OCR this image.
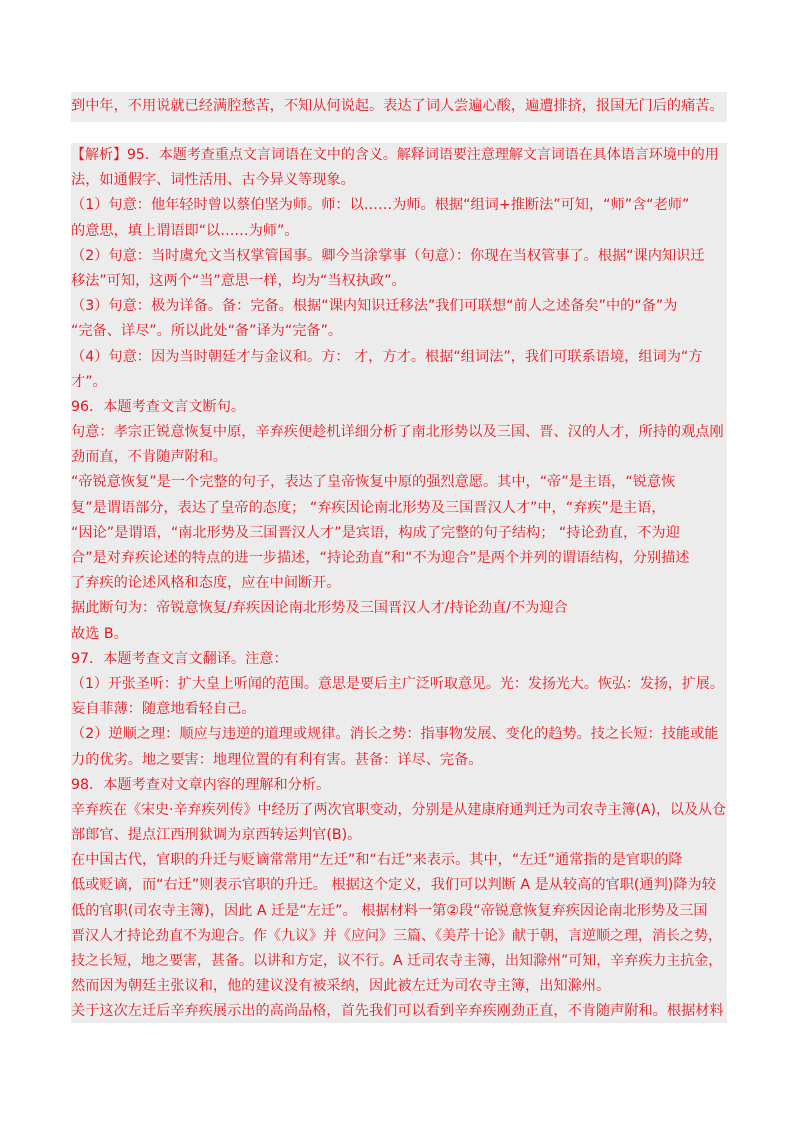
到中年，不用说就已经满腔愁苦，不知从何说起。表达了词人尝遍心酸，遍遭排挤，报国无门后的痛苦。
【解析】95．本题考查重点文言词语在文中的含义。解释词语要注意理解文言词语在具体语言环境中的用
法，如通假字、词性活用、古今异义等现象。
（1）句意：他年轻时曾以蔡伯坚为师。师：以……为师。根据“组词+推断法”可知，“师”含“老师”
的意思，填上谓语即“以……为师”。
（2）句意：当时虞允文当权掌管国事。卿今当涂掌事（句意）：你现在当权管事了。根据“课内知识迁
移法”可知，这两个“当”意思一样，均为“当权执政”。
（3）句意：极为详备。备：完备。根据“课内知识迁移法”我们可联想“前人之述备矣”中的“备”为
“完备、详尽”。所以此处“备”译为“完备”。
（4）句意：因为当时朝廷才与金议和。方： 才，方才。根据“组词法”，我们可联系语境，组词为“方
才”。
96．本题考查文言文断句。
句意：孝宗正锐意恢复中原，辛弃疾便趁机详细分析了南北形势以及三国、晋、汉的人才，所持的观点刚
劲而直，不肯随声附和。
“帝锐意恢复”是一个完整的句子，表达了皇帝恢复中原的强烈意愿。其中，“帝”是主语，“锐意恢
复”是谓语部分，表达了皇帝的态度； “弃疾因论南北形势及三国晋汉人才”中，“弃疾”是主语，
“因论”是谓语，“南北形势及三国晋汉人才”是宾语，构成了完整的句子结构； “持论劲直，不为迎
合”是对弃疾论述的特点的进一步描述，“持论劲直”和“不为迎合”是两个并列的谓语结构，分别描述
了弃疾的论述风格和态度，应在中间断开。
据此断句为：帝锐意恢复/弃疾因论南北形势及三国晋汉人才/持论劲直/不为迎合
故选 B。
97．本题考查文言文翻译。注意：
（1）开张圣听：扩大皇上听闻的范围。意思是要后主广泛听取意见。光：发扬光大。恢弘：发扬，扩展。
妄自菲薄：随意地看轻自己。
（2）逆顺之理：顺应与违逆的道理或规律。消长之势：指事物发展、变化的趋势。技之长短：技能或能
力的优劣。地之要害：地理位置的有利有害。甚备：详尽、完备。
98．本题考查对文章内容的理解和分析。
辛弃疾在《宋史·辛弃疾列传》中经历了两次官职变动，分别是从建康府通判迁为司农寺主簿(A)，以及从仓
部郎官、提点江西刑狱调为京西转运判官(B)。
在中国古代，官职的升迁与贬谪常常用“左迁”和“右迁”来表示。其中，“左迁”通常指的是官职的降
低或贬谪，而“右迁”则表示官职的升迁。 根据这个定义，我们可以判断 A 是从较高的官职(通判)降为较
低的官职(司农寺主簿)，因此 A 迁是“左迁”。 根据材料一第②段“帝锐意恢复弃疾因论南北形势及三国
晋汉人才持论劲直不为迎合。作《九议》并《应问》三篇、《美芹十论》献于朝，言逆顺之理，消长之势，
技之长短，地之要害，甚备。以讲和方定，议不行。A 迁司农寺主簿，出知滁州”可知，辛弃疾力主抗金，
然而因为朝廷主张议和，他的建议没有被采纳，因此被左迁为司农寺主簿，出知滁州。
关于这次左迁后辛弃疾展示出的高尚品格，首先我们可以看到辛弃疾刚劲正直，不肯随声附和。根据材料
